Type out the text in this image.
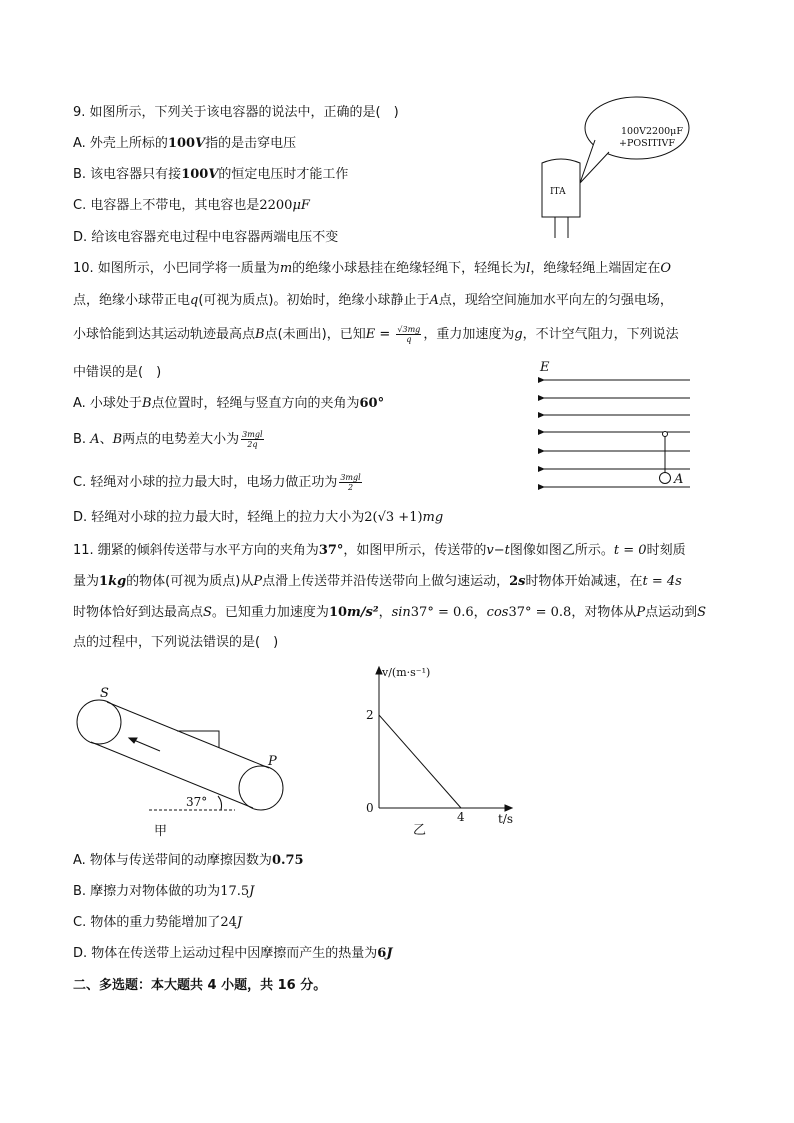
9. 如图所示，下列关于该电容器的说法中，正确的是(　)
A. 外壳上所标的100V指的是击穿电压
B. 该电容器只有接100V的恒定电压时才能工作
C. 电容器上不带电，其电容也是2200μF
D. 给该电容器充电过程中电容器两端电压不变
100V2200μF
+POSITIVF
ITA
10. 如图所示，小巴同学将一质量为m的绝缘小球悬挂在绝缘轻绳下，轻绳长为l，绝缘轻绳上端固定在O
点，绝缘小球带正电q(可视为质点)。初始时，绝缘小球静止于A点，现给空间施加水平向左的匀强电场，
小球恰能到达其运动轨迹最高点B点(未画出)，已知$E = \frac{√3mg}{q}$ ，重力加速度为g，不计空气阻力，下列说法
中错误的是(　)
A. 小球处于B点位置时，轻绳与竖直方向的夹角为60°
B. A、B两点的电势差大小为 $\frac{\text{3mgl}}{2q}$
C. 轻绳对小球的拉力最大时，电场力做正功为 $\frac{\text{3mgl}}{2}$
D. 轻绳对小球的拉力最大时，轻绳上的拉力大小为2(√3 +1)mg
E
A
11. 绷紧的倾斜传送带与水平方向的夹角为37°，如图甲所示，传送带的v−t图像如图乙所示。t = 0时刻质
量为1kg的物体(可视为质点)从P点滑上传送带并沿传送带向上做匀速运动，2s时物体开始减速，在t = 4s
时物体恰好到达最高点S。已知重力加速度为10m/s²，sin37° = 0.6，cos37° = 0.8，对物体从P点运动到S
点的过程中，下列说法错误的是(　)
S
P
37°
甲
v/(m·s⁻¹)
t/s
2
4
0
乙
A. 物体与传送带间的动摩擦因数为0.75
B. 摩擦力对物体做的功为17.5J
C. 物体的重力势能增加了24J
D. 物体在传送带上运动过程中因摩擦而产生的热量为6J
二、多选题：本大题共 4 小题，共 16 分。
